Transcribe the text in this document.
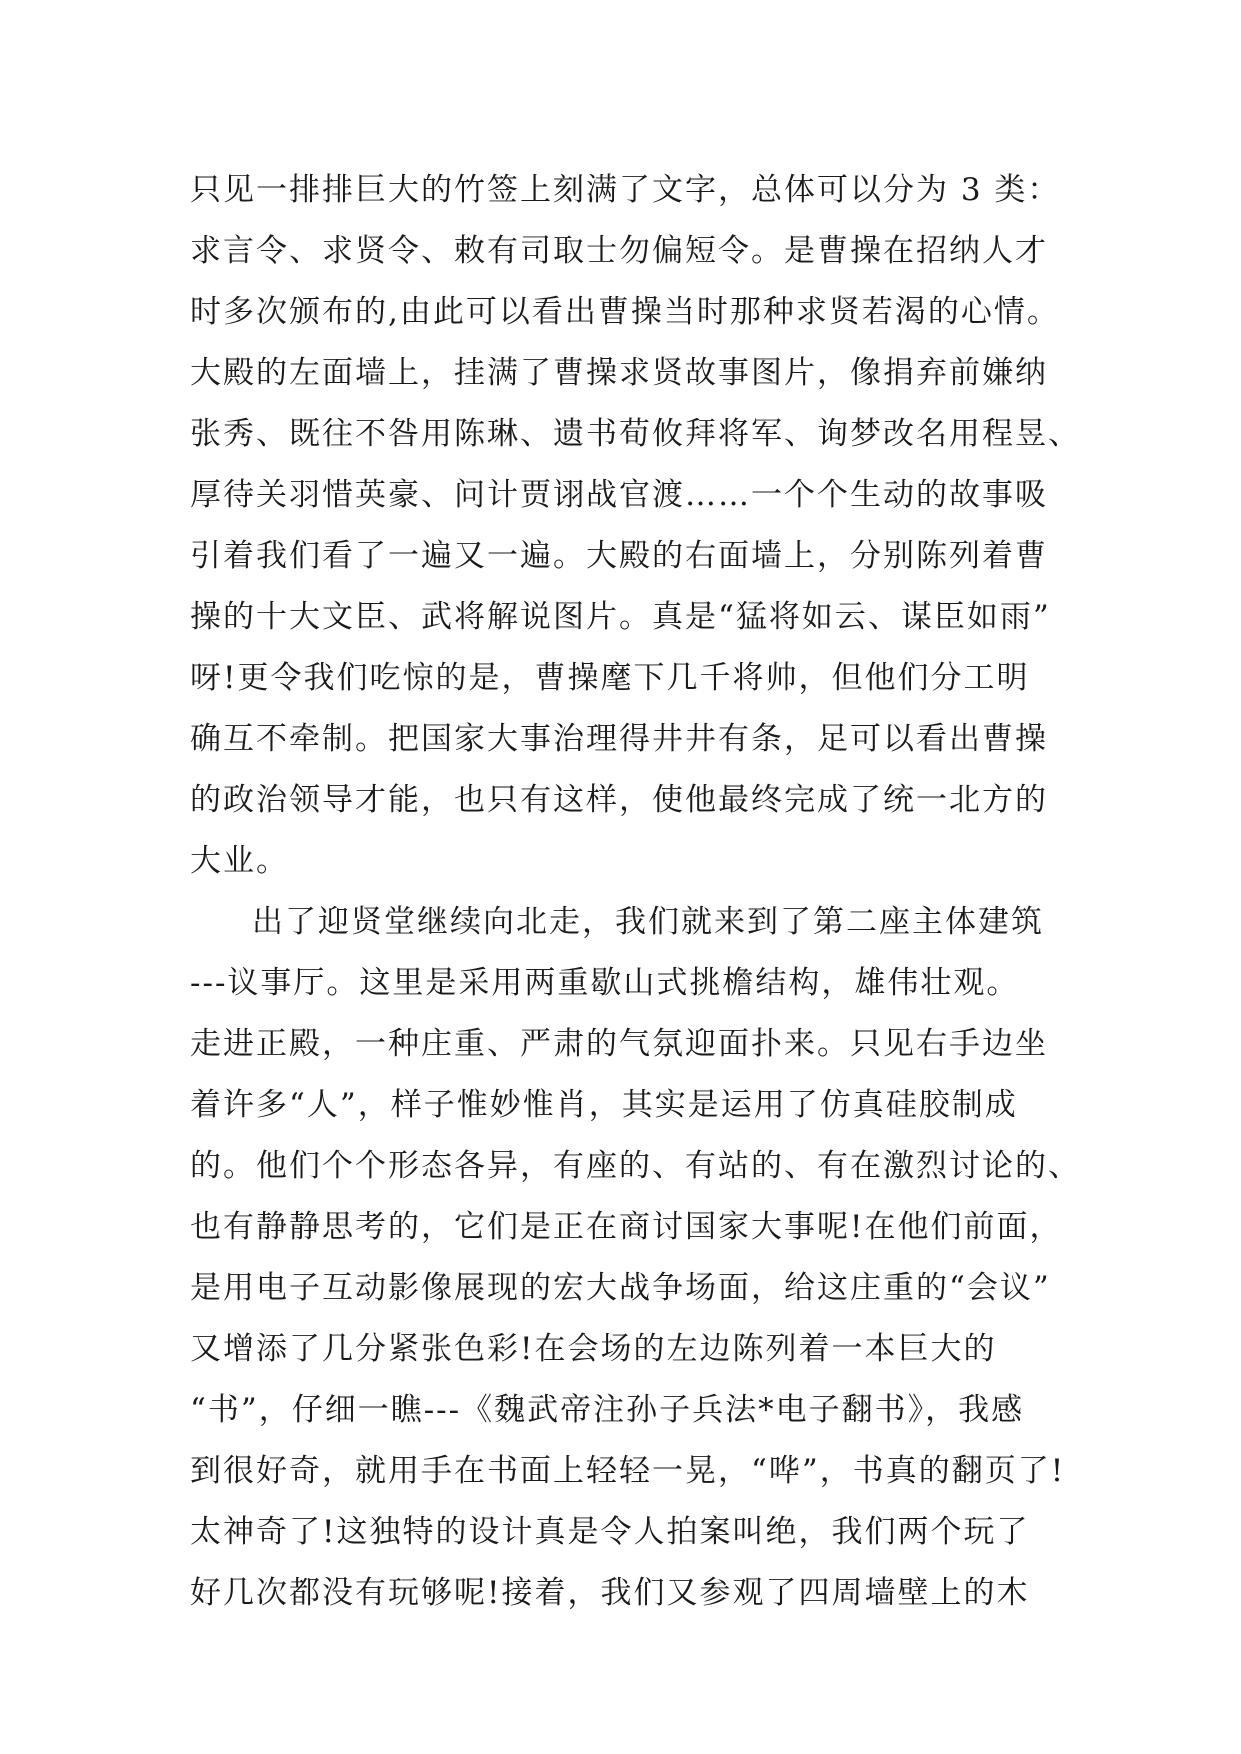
只见一排排巨大的竹签上刻满了文字，总体可以分为 3 类：
求言令、求贤令、敕有司取士勿偏短令。是曹操在招纳人才
时多次颁布的,由此可以看出曹操当时那种求贤若渴的心情。
大殿的左面墙上，挂满了曹操求贤故事图片，像捐弃前嫌纳
张秀、既往不咎用陈琳、遗书荀攸拜将军、询梦改名用程昱、
厚待关羽惜英豪、问计贾诩战官渡……一个个生动的故事吸
引着我们看了一遍又一遍。大殿的右面墙上，分别陈列着曹
操的十大文臣、武将解说图片。真是“猛将如云、谋臣如雨”
呀!更令我们吃惊的是，曹操麾下几千将帅，但他们分工明
确互不牵制。把国家大事治理得井井有条，足可以看出曹操
的政治领导才能，也只有这样，使他最终完成了统一北方的
大业。
出了迎贤堂继续向北走，我们就来到了第二座主体建筑
---议事厅。这里是采用两重歇山式挑檐结构，雄伟壮观。
走进正殿，一种庄重、严肃的气氛迎面扑来。只见右手边坐
着许多“人”，样子惟妙惟肖，其实是运用了仿真硅胶制成
的。他们个个形态各异，有座的、有站的、有在激烈讨论的、
也有静静思考的，它们是正在商讨国家大事呢!在他们前面，
是用电子互动影像展现的宏大战争场面，给这庄重的“会议”
又增添了几分紧张色彩!在会场的左边陈列着一本巨大的
“书”，仔细一瞧---《魏武帝注孙子兵法*电子翻书》，我感
到很好奇，就用手在书面上轻轻一晃，“哗”，书真的翻页了!
太神奇了!这独特的设计真是令人拍案叫绝，我们两个玩了
好几次都没有玩够呢!接着，我们又参观了四周墙壁上的木
